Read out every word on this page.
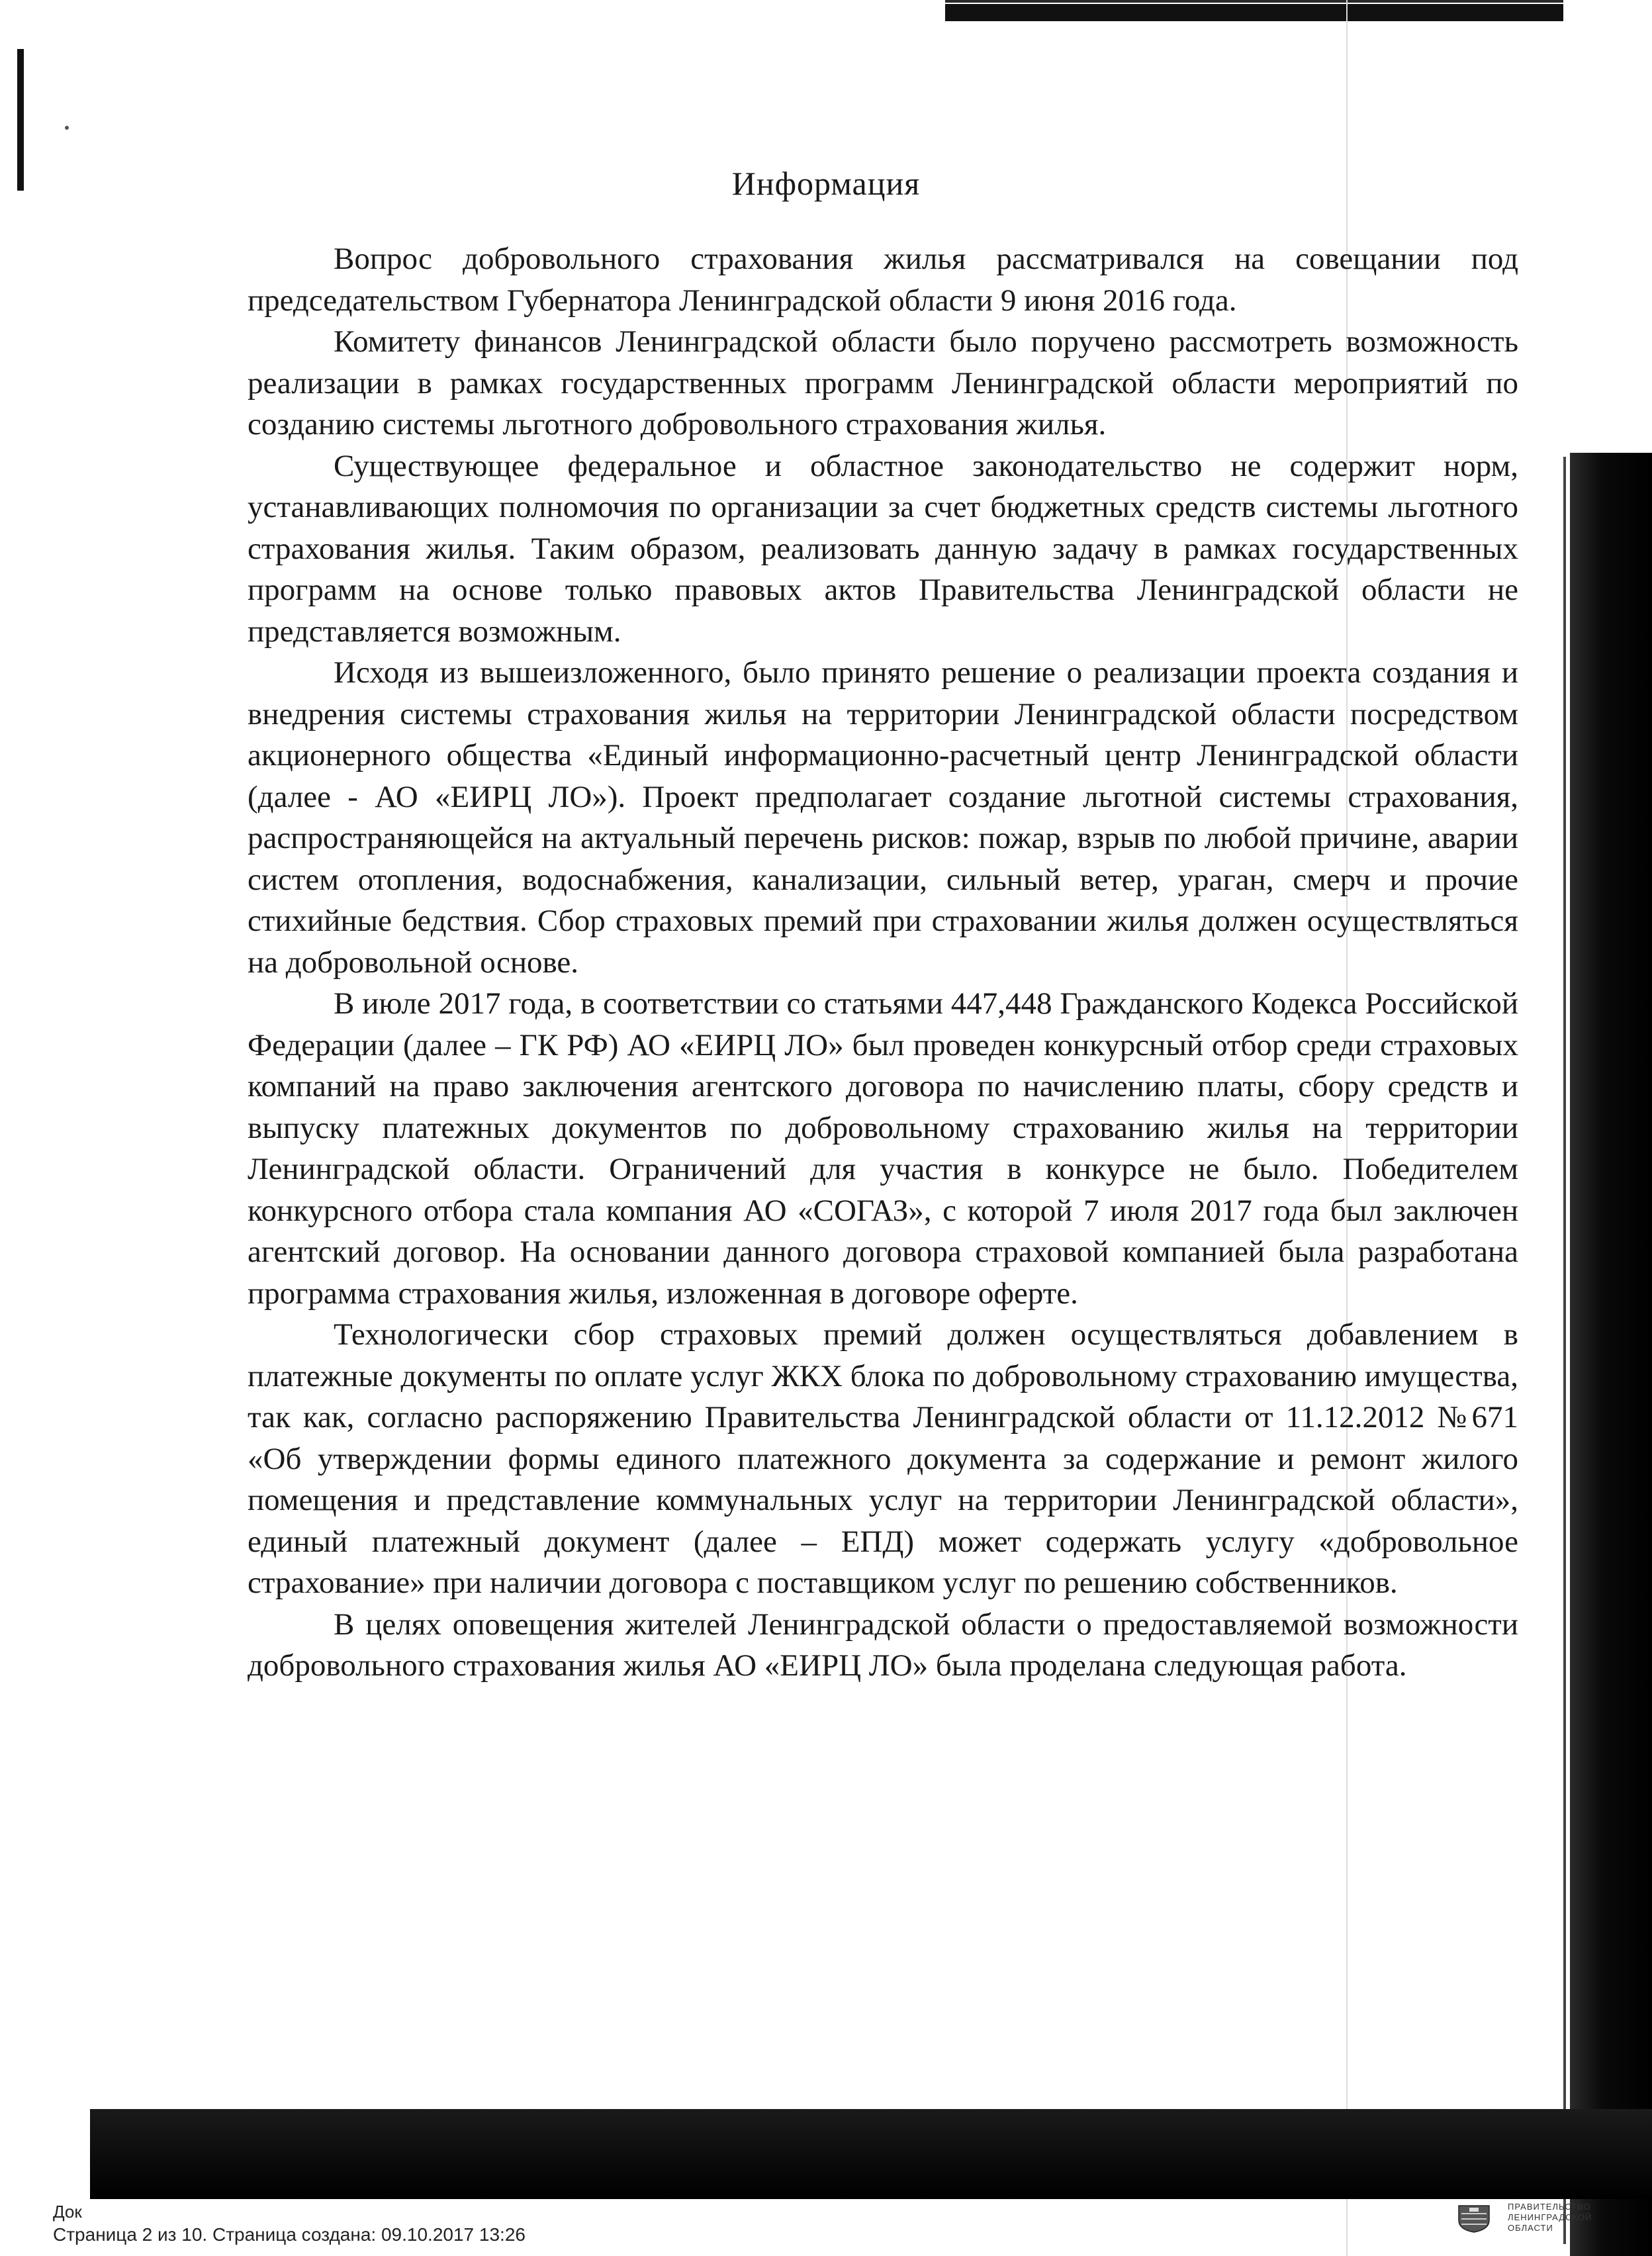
Информация

Вопрос добровольного страхования жилья рассматривался на совещании под председательством Губернатора Ленинградской области 9 июня 2016 года.

Комитету финансов Ленинградской области было поручено рассмотреть возможность реализации в рамках государственных программ Ленинградской области мероприятий по созданию системы льготного добровольного страхования жилья.

Существующее федеральное и областное законодательство не содержит норм, устанавливающих полномочия по организации за счет бюджетных средств системы льготного страхования жилья. Таким образом, реализовать данную задачу в рамках государственных программ на основе только правовых актов Правительства Ленинградской области не представляется возможным.

Исходя из вышеизложенного, было принято решение о реализации проекта создания и внедрения системы страхования жилья на территории Ленинградской области посредством акционерного общества «Единый информационно-расчетный центр Ленинградской области (далее - АО «ЕИРЦ ЛО»). Проект предполагает создание льготной системы страхования, распространяющейся на актуальный перечень рисков: пожар, взрыв по любой причине, аварии систем отопления, водоснабжения, канализации, сильный ветер, ураган, смерч и прочие стихийные бедствия. Сбор страховых премий при страховании жилья должен осуществляться на добровольной основе.

В июле 2017 года, в соответствии со статьями 447,448 Гражданского Кодекса Российской Федерации (далее – ГК РФ) АО «ЕИРЦ ЛО» был проведен конкурсный отбор среди страховых компаний на право заключения агентского договора по начислению платы, сбору средств и выпуску платежных документов по добровольному страхованию жилья на территории Ленинградской области. Ограничений для участия в конкурсе не было. Победителем конкурсного отбора стала компания АО «СОГАЗ», с которой 7 июля 2017 года был заключен агентский договор. На основании данного договора страховой компанией была разработана программа страхования жилья, изложенная в договоре оферте.

Технологически сбор страховых премий должен осуществляться добавлением в платежные документы по оплате услуг ЖКХ блока по добровольному страхованию имущества, так как, согласно распоряжению Правительства Ленинградской области от 11.12.2012 №671 «Об утверждении формы единого платежного документа за содержание и ремонт жилого помещения и представление коммунальных услуг на территории Ленинградской области», единый платежный документ (далее – ЕПД) может содержать услугу «добровольное страхование» при наличии договора с поставщиком услуг по решению собственников.

В целях оповещения жителей Ленинградской области о предоставляемой возможности добровольного страхования жилья АО «ЕИРЦ ЛО» была проделана следующая работа.

Док
Страница 2 из 10. Страница создана: 09.10.2017 13:26
ПРАВИТЕЛЬСТВО
ЛЕНИНГРАДСКОЙ
ОБЛАСТИ
